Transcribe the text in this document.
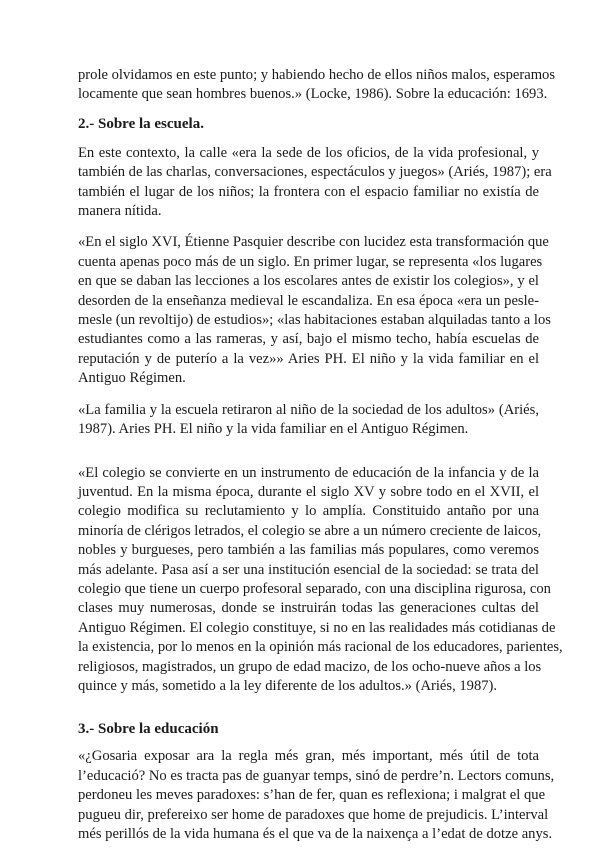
prole olvidamos en este punto; y habiendo hecho de ellos niños malos, esperamos
locamente que sean hombres buenos.» (Locke, 1986). Sobre la educación: 1693.
2.- Sobre la escuela.
En este contexto, la calle «era la sede de los oficios, de la vida profesional, y
también de las charlas, conversaciones, espectáculos y juegos» (Ariés, 1987); era
también el lugar de los niños; la frontera con el espacio familiar no existía de
manera nítida.
«En el siglo XVI, Étienne Pasquier describe con lucidez esta transformación que
cuenta apenas poco más de un siglo. En primer lugar, se representa «los lugares
en que se daban las lecciones a los escolares antes de existir los colegios», y el
desorden de la enseñanza medieval le escandaliza. En esa época «era un pesle-
mesle (un revoltijo) de estudios»; «las habitaciones estaban alquiladas tanto a los
estudiantes como a las rameras, y así, bajo el mismo techo, había escuelas de
reputación y de puterío a la vez»» Aries PH. El niño y la vida familiar en el
Antiguo Régimen.
«La familia y la escuela retiraron al niño de la sociedad de los adultos» (Ariés,
1987). Aries PH. El niño y la vida familiar en el Antiguo Régimen.
«El colegio se convierte en un instrumento de educación de la infancia y de la
juventud. En la misma época, durante el siglo XV y sobre todo en el XVII, el
colegio modifica su reclutamiento y lo amplía. Constituido antaño por una
minoría de clérigos letrados, el colegio se abre a un número creciente de laicos,
nobles y burgueses, pero también a las familias más populares, como veremos
más adelante. Pasa así a ser una institución esencial de la sociedad: se trata del
colegio que tiene un cuerpo profesoral separado, con una disciplina rigurosa, con
clases muy numerosas, donde se instruirán todas las generaciones cultas del
Antiguo Régimen. El colegio constituye, si no en las realidades más cotidianas de
la existencia, por lo menos en la opinión más racional de los educadores, parientes,
religiosos, magistrados, un grupo de edad macizo, de los ocho-nueve años a los
quince y más, sometido a la ley diferente de los adultos.» (Ariés, 1987).
3.- Sobre la educación
«¿Gosaria exposar ara la regla més gran, més important, més útil de tota
l’educació? No es tracta pas de guanyar temps, sinó de perdre’n. Lectors comuns,
perdoneu les meves paradoxes: s’han de fer, quan es reflexiona; i malgrat el que
pugueu dir, prefereixo ser home de paradoxes que home de prejudicis. L’interval
més perillós de la vida humana és el que va de la naixença a l’edat de dotze anys.
